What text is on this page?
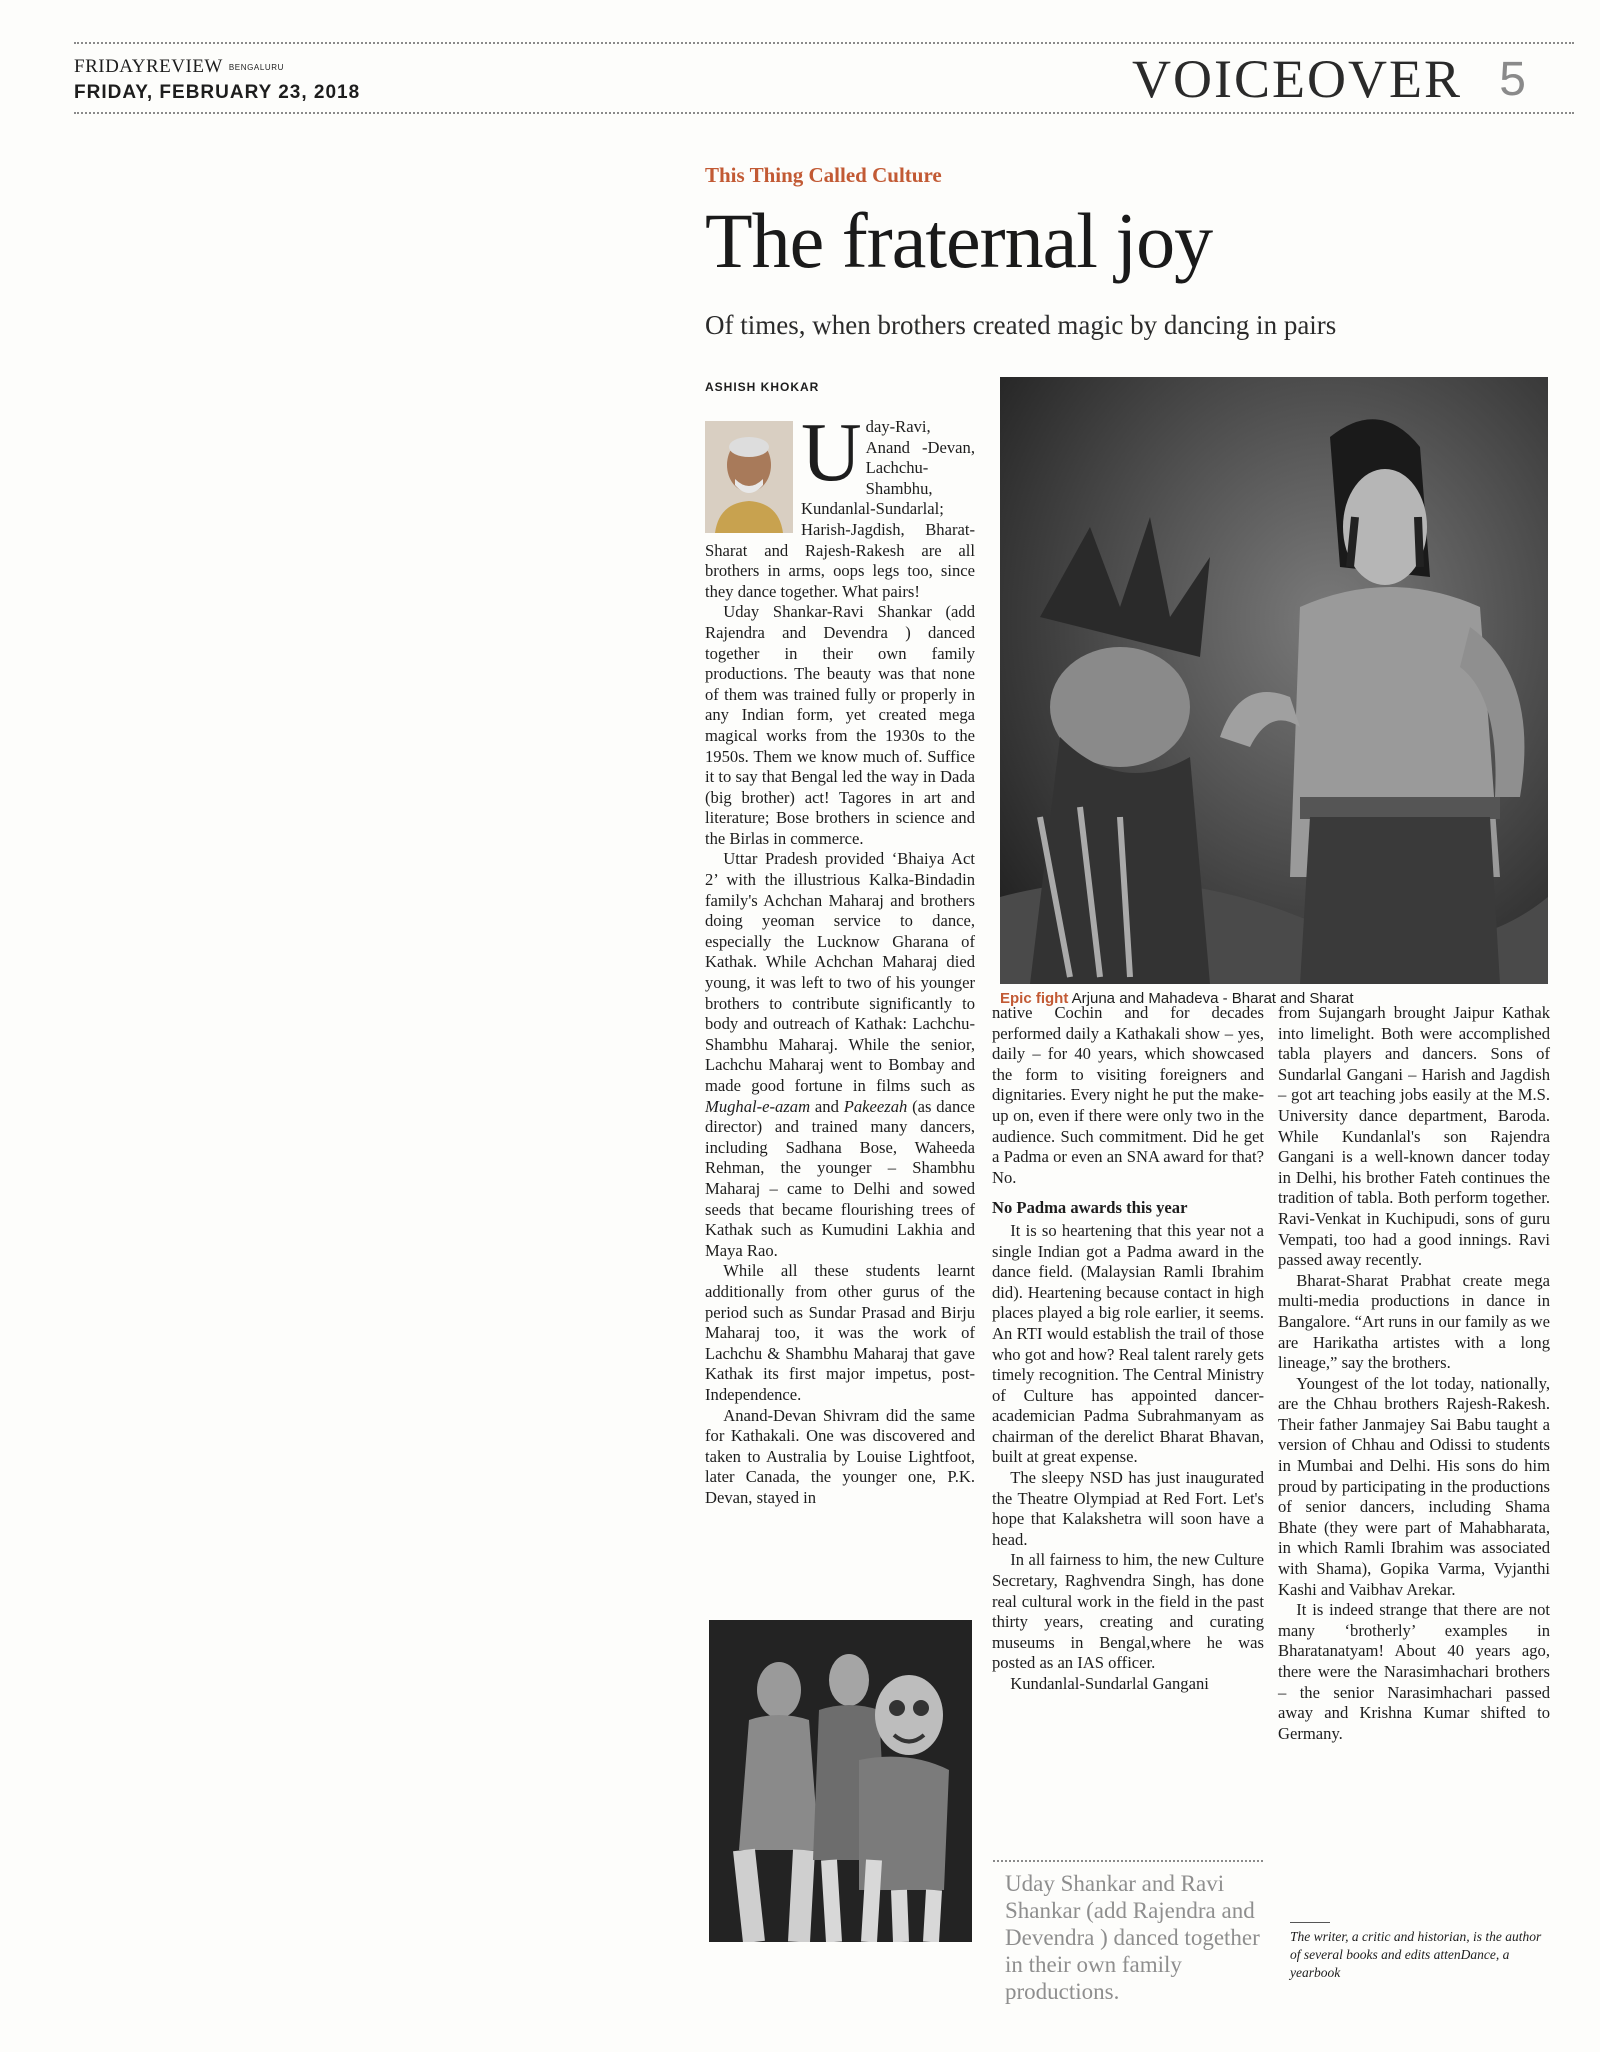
FRIDAYREVIEW BENGALURU
FRIDAY, FEBRUARY 23, 2018	VOICEOVER 5
This Thing Called Culture
The fraternal joy
Of times, when brothers created magic by dancing in pairs
ASHISH KHOKAR
U day-Ravi, Anand -Devan, Lachchu-Shambhu, Kundanlal-Sundarlal; Harish-Jagdish, Bharat-Sharat and Rajesh-Rakesh are all brothers in arms, oops legs too, since they dance together. What pairs!

Uday Shankar-Ravi Shankar (add Rajendra and Devendra ) danced together in their own family productions. The beauty was that none of them was trained fully or properly in any Indian form, yet created mega magical works from the 1930s to the 1950s. Them we know much of. Suffice it to say that Bengal led the way in Dada (big brother) act! Tagores in art and literature; Bose brothers in science and the Birlas in commerce.

Uttar Pradesh provided ‘Bhaiya Act 2’ with the illustrious Kalka-Bindadin family's Achchan Maharaj and brothers doing yeoman service to dance, especially the Lucknow Gharana of Kathak. While Achchan Maharaj died young, it was left to two of his younger brothers to contribute significantly to body and outreach of Kathak: Lachchu-Shambhu Maharaj. While the senior, Lachchu Maharaj went to Bombay and made good fortune in films such as Mughal-e-azam and Pakeezah (as dance director) and trained many dancers, including Sadhana Bose, Waheeda Rehman, the younger – Shambhu Maharaj – came to Delhi and sowed seeds that became flourishing trees of Kathak such as Kumudini Lakhia and Maya Rao.

While all these students learnt additionally from other gurus of the period such as Sundar Prasad and Birju Maharaj too, it was the work of Lachchu & Shambhu Maharaj that gave Kathak its first major impetus, post-Independence.

Anand-Devan Shivram did the same for Kathakali. One was discovered and taken to Australia by Louise Lightfoot, later Canada, the younger one, P.K. Devan, stayed in

Epic fight Arjuna and Mahadeva - Bharat and Sharat

native Cochin and for decades performed daily a Kathakali show – yes, daily – for 40 years, which showcased the form to visiting foreigners and dignitaries. Every night he put the make-up on, even if there were only two in the audience. Such commitment. Did he get a Padma or even an SNA award for that? No.

No Padma awards this year

It is so heartening that this year not a single Indian got a Padma award in the dance field. (Malaysian Ramli Ibrahim did). Heartening because contact in high places played a big role earlier, it seems. An RTI would establish the trail of those who got and how? Real talent rarely gets timely recognition. The Central Ministry of Culture has appointed dancer-academician Padma Subrahmanyam as chairman of the derelict Bharat Bhavan, built at great expense.

The sleepy NSD has just inaugurated the Theatre Olympiad at Red Fort. Let's hope that Kalakshetra will soon have a head.

In all fairness to him, the new Culture Secretary, Raghvendra Singh, has done real cultural work in the field in the past thirty years, creating and curating museums in Bengal,where he was posted as an IAS officer.

Kundanlal-Sundarlal Gangani

Uday Shankar and Ravi Shankar (add Rajendra and Devendra ) danced together in their own family productions.

from Sujangarh brought Jaipur Kathak into limelight. Both were accomplished tabla players and dancers. Sons of Sundarlal Gangani – Harish and Jagdish – got art teaching jobs easily at the M.S. University dance department, Baroda. While Kundanlal's son Rajendra Gangani is a well-known dancer today in Delhi, his brother Fateh continues the tradition of tabla. Both perform together. Ravi-Venkat in Kuchipudi, sons of guru Vempati, too had a good innings. Ravi passed away recently.

Bharat-Sharat Prabhat create mega multi-media productions in dance in Bangalore. “Art runs in our family as we are Harikatha artistes with a long lineage,” say the brothers.

Youngest of the lot today, nationally, are the Chhau brothers Rajesh-Rakesh. Their father Janmajey Sai Babu taught a version of Chhau and Odissi to students in Mumbai and Delhi. His sons do him proud by participating in the productions of senior dancers, including Shama Bhate (they were part of Mahabharata, in which Ramli Ibrahim was associated with Shama), Gopika Varma, Vyjanthi Kashi and Vaibhav Arekar.

It is indeed strange that there are not many ‘brotherly’ examples in Bharatanatyam! About 40 years ago, there were the Narasimhachari brothers – the senior Narasimhachari passed away and Krishna Kumar shifted to Germany.

The writer, a critic and historian, is the author of several books and edits attenDance, a yearbook
